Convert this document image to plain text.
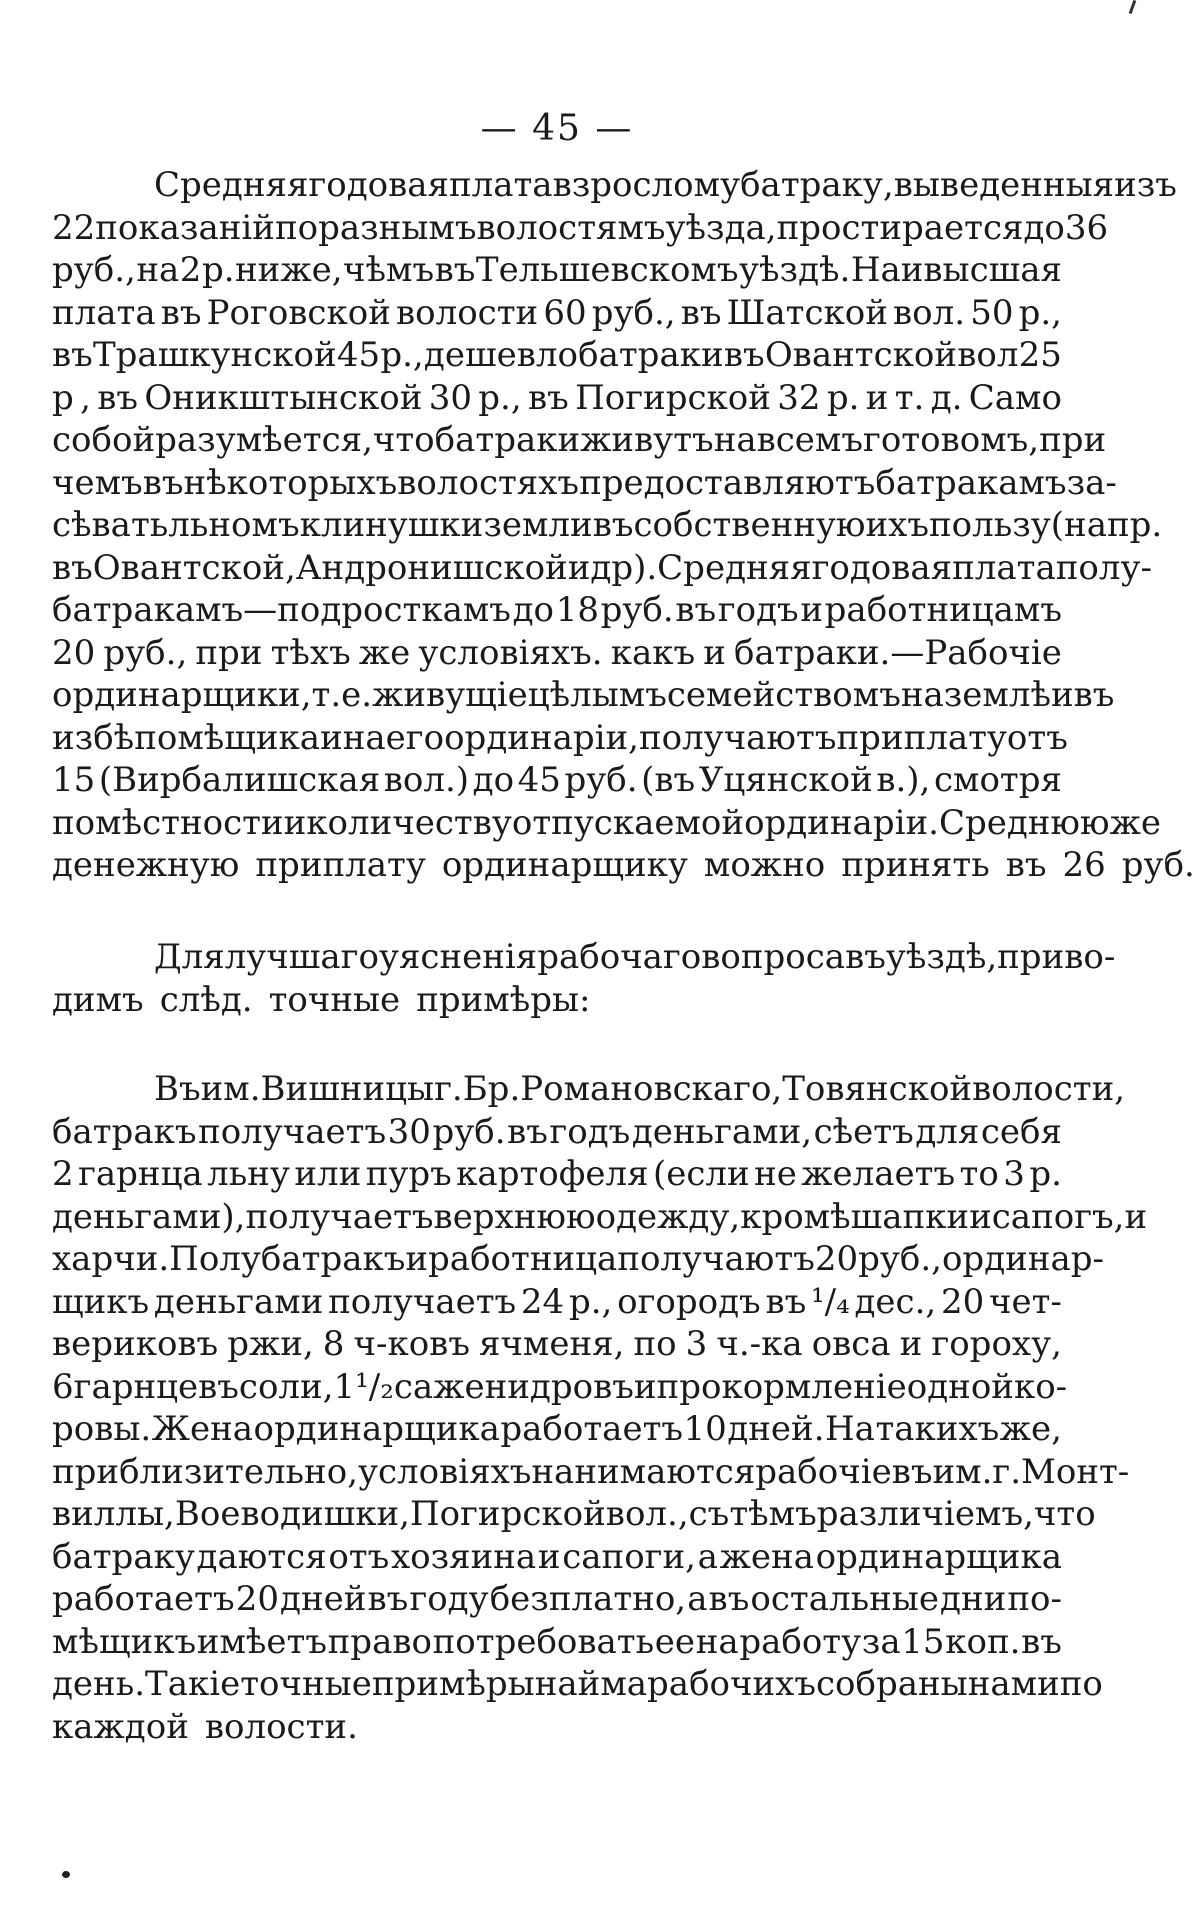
— 45 —
Средняя годовая плата взрослому батраку, выведенныя изъ
22 показаній по разнымъ волостямъ уѣзда, простирается до 36
руб., на 2 р. ниже, чѣмъ въ Тельшевскомъ уѣздѣ. Наивысшая
плата въ Роговской волости 60 руб., въ Шатской вол. 50 р.,
въ Трашкунской 45 р., дешевло батраки въ Овантской вол 25
р , въ Оникштынской 30 р., въ Погирской 32 р. и т. д. Само
собой разумѣется, что батраки живутъ на всемъ готовомъ, при
чемъ въ нѣкоторыхъ волостяхъ предоставляютъ батракамъ за-
сѣвать льномъ клинушки земли въ собственную ихъ пользу (напр.
въ Овантской, Андронишской и др). Средняя годовая плата полу-
батракамъ—подросткамъ до 18 руб. въ годъ и работницамъ
20 руб., при тѣхъ же условіяхъ. какъ и батраки.—Рабочіе
ординарщики, т. е. живущіе цѣлымъ семействомъ на землѣ и въ
избѣ помѣщика и на его ординаріи, получаютъ приплату отъ
15 (Вирбалишская вол.) до 45 руб. (въ Уцянской в.), смотря
по мѣстности и количеству отпускаемой ординаріи. Среднюю же
денежную приплату ординарщику можно принять въ 26 руб.
Для лучшаго уясненія рабочаго вопроса въ уѣздѣ, приво-
димъ слѣд. точные примѣры:
Въ им. Вишницы г. Бр. Романовскаго, Товянской волости,
батракъ получаетъ 30 руб. въ годъ деньгами, сѣетъ для себя
2 гарнца льну или пуръ картофеля (если не желаетъ то 3 р.
деньгами), получаетъ верхнюю одежду, кромѣ шапки и сапогъ, и
харчи. Полубатракъ и работница получаютъ 20 руб., ординар-
щикъ деньгами получаетъ 24 р., огородъ въ ¹/₄ дес., 20 чет-
вериковъ ржи, 8 ч-ковъ ячменя, по 3 ч.-ка овса и гороху,
6 гарнцевъ соли, 1¹/₂ сажени дровъ и прокормленіе одной ко-
ровы. Жена ординарщика работаетъ 10 дней. На такихъ же,
приблизительно, условіяхъ нанимаются рабочіе въ им. г. Монт-
виллы, Воеводишки, Погирской вол., съ тѣмъ различіемъ, что
батраку даются отъ хозяина и сапоги, а жена ординарщика
работаетъ 20 дней въ году безплатно, а въ остальные дни по-
мѣщикъ имѣетъ право потребовать ее на работу за 15 коп. въ
день. Такіе точные примѣры найма рабочихъ собраны нами по
каждой волости.
